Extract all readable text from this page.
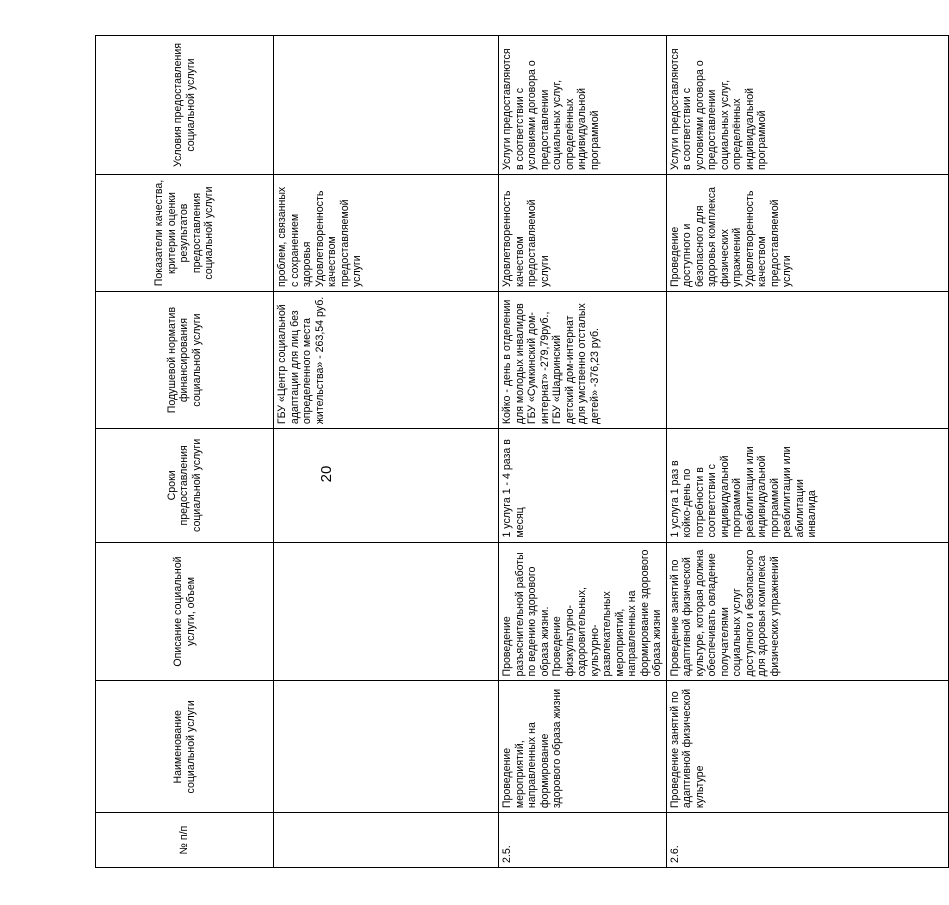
20
№ п/п	Наименование социальной услуги	Описание социальной услуги, объем	Сроки предоставления социальной услуги	Подушевой норматив финансирования социальной услуги	Показатели качества, критерии оценки результатов предоставления социальной услуги	Условия предоставления социальной услуги
				ГБУ «Центр социальной адаптации для лиц без определенного места жительства» - 263,54 руб.	проблем, связанных с сохранением здоровья Удовлетворенность качеством предоставляемой услуги	
2.5.	Проведение мероприятий, направленных на формирование здорового образа жизни	Проведение разъяснительной работы по ведению здорового образа жизни. Проведение физкультурно-оздоровительных, культурно-развлекательных мероприятий, направленных на формирование здорового образа жизни	1 услуга 1 - 4 раза в месяц	Койко - день в отделении для молодых инвалидов ГБУ «Сумкинский дом-интернат» -279,79руб., ГБУ «Шадринский детский дом-интернат для умственно отсталых детей» -376,23 руб.	Удовлетворенность качеством предоставляемой услуги	Услуги предоставляются в соответствии с условиями договора о предоставлении социальных услуг, определённых индивидуальной программой
2.6.	Проведение занятий по адаптивной физической культуре	Проведение занятий по адаптивной физической культуре, которая должна обеспечивать овладение получателями социальных услуг доступного и безопасного для здоровья комплекса физических упражнений	1 услуга 1 раз в койко-день по потребности в соответствии с индивидуальной программой реабилитации или индивидуальной программой реабилитации или абилитации инвалида		Проведение доступного и безопасного для здоровья комплекса физических упражнений Удовлетворенность качеством предоставляемой услуги	Услуги предоставляются в соответствии с условиями договора о предоставлении социальных услуг, определённых индивидуальной программой
